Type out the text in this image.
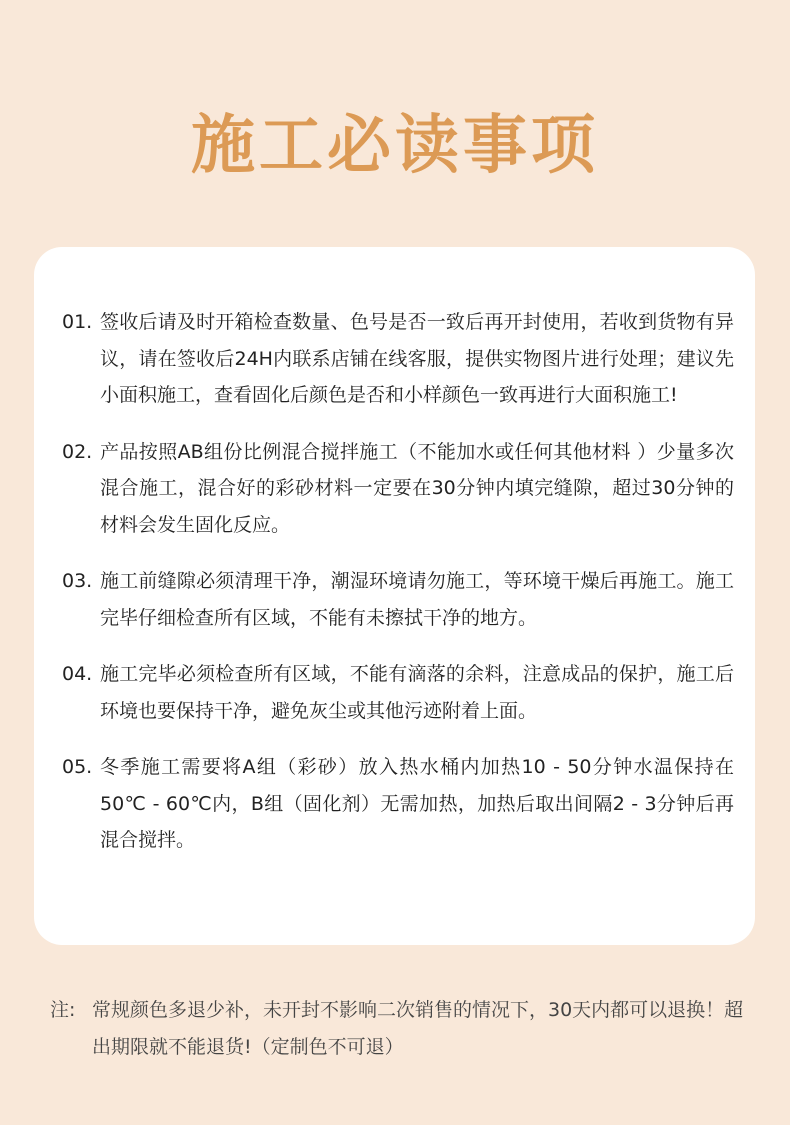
施工必读事项
01. 签收后请及时开箱检查数量、色号是否一致后再开封使用，若收到货物有异议，请在签收后24H内联系店铺在线客服，提供实物图片进行处理；建议先小面积施工，查看固化后颜色是否和小样颜色一致再进行大面积施工!
02. 产品按照AB组份比例混合搅拌施工（不能加水或任何其他材料 ）少量多次混合施工，混合好的彩砂材料一定要在30分钟内填完缝隙，超过30分钟的材料会发生固化反应。
03. 施工前缝隙必须清理干净，潮湿环境请勿施工，等环境干燥后再施工。施工完毕仔细检查所有区域，不能有未擦拭干净的地方。
04. 施工完毕必须检查所有区域，不能有滴落的余料，注意成品的保护，施工后环境也要保持干净，避免灰尘或其他污迹附着上面。
05. 冬季施工需要将A组（彩砂）放入热水桶内加热10 - 50分钟水温保持在50℃ - 60℃内，B组（固化剂）无需加热，加热后取出间隔2 - 3分钟后再混合搅拌。
注: 常规颜色多退少补，未开封不影响二次销售的情况下，30天内都可以退换！超出期限就不能退货!（定制色不可退）
